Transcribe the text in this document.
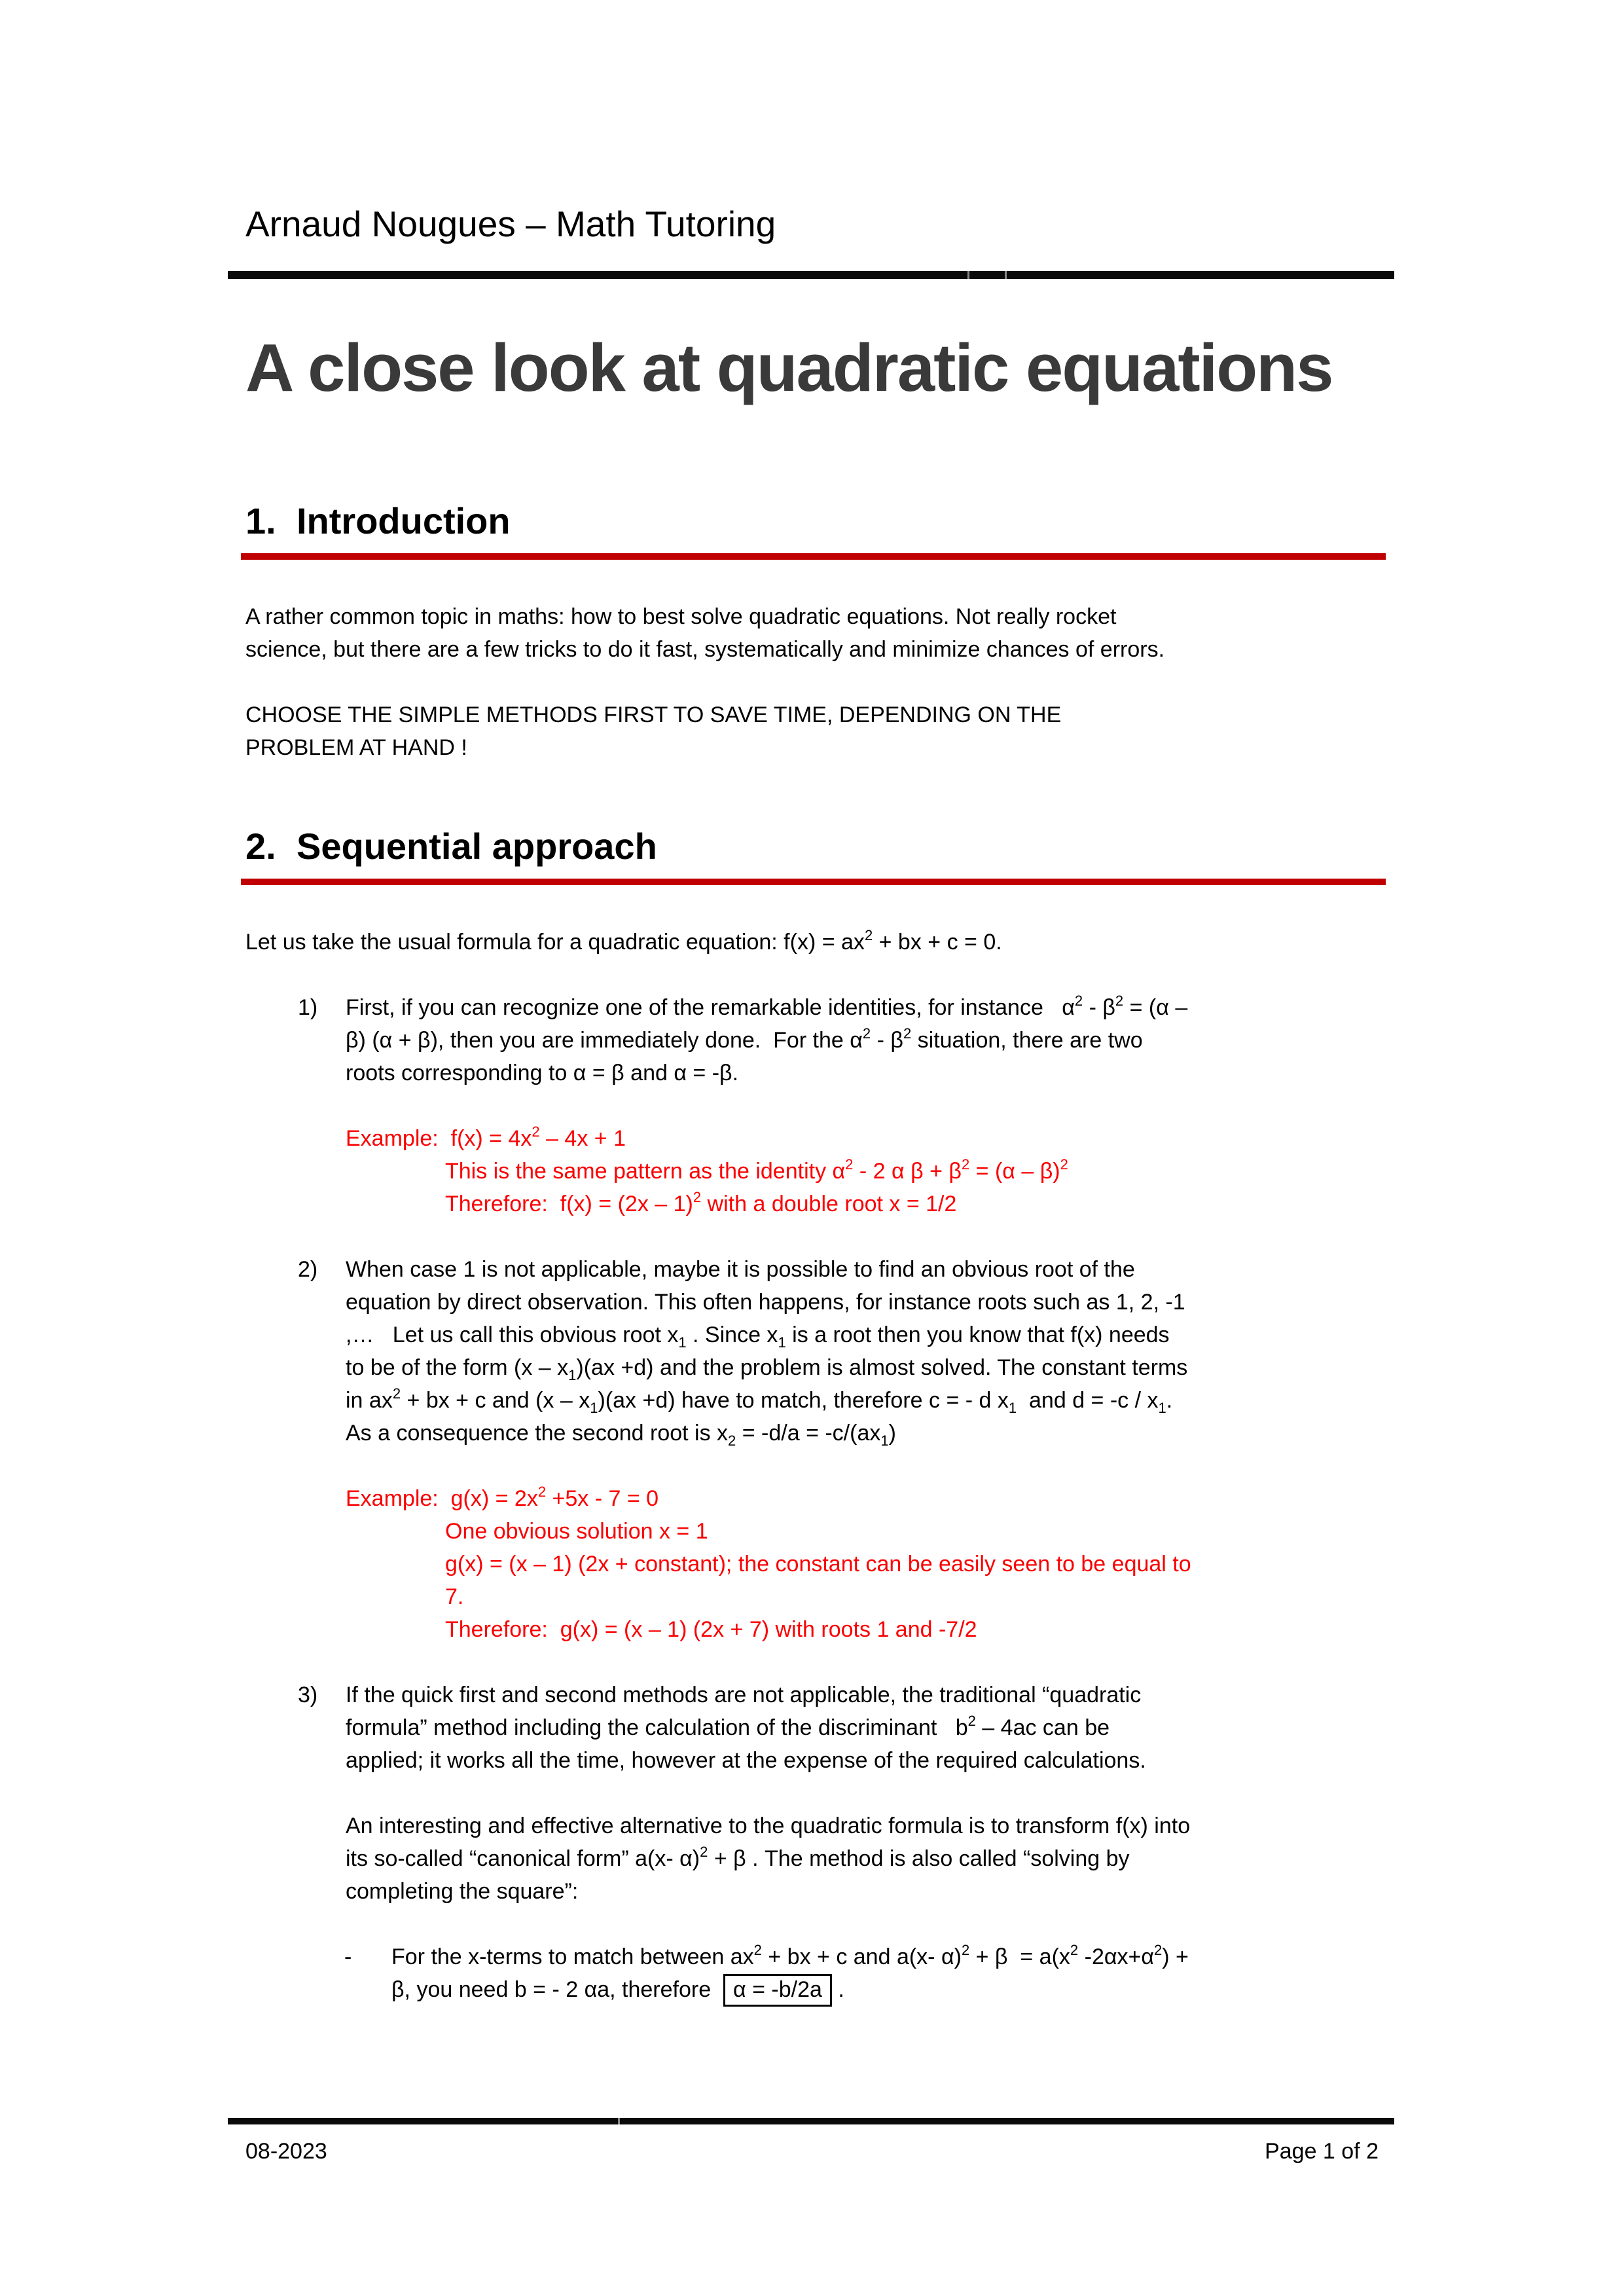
Arnaud Nougues – Math Tutoring
A close look at quadratic equations
1. Introduction
A rather common topic in maths: how to best solve quadratic equations. Not really rocket
science, but there are a few tricks to do it fast, systematically and minimize chances of errors.
CHOOSE THE SIMPLE METHODS FIRST TO SAVE TIME, DEPENDING ON THE
PROBLEM AT HAND !
2. Sequential approach
Let us take the usual formula for a quadratic equation: $f(x) = ax^2$ + bx + c = 0.
1) First, if you can recognize one of the remarkable identities, for instance   $\alpha^2 - \beta^2 = (\alpha$ –
β) (α + β), then you are immediately done.  For the $\alpha^2 - \beta^2$ situation, there are two
roots corresponding to α = β and α = -β.
Example:  $f(x) = 4x^2 - 4x + 1$
This is the same pattern as the identity $\alpha^2 - 2$ α $\beta + \beta^2 = (\alpha - \beta)^2$
Therefore:  f(x) = (2x – 1)$^2$ with a double root x = 1/2
2) When case 1 is not applicable, maybe it is possible to find an obvious root of the
equation by direct observation. This often happens, for instance roots such as 1, 2, -1
,…   Let us call this obvious root $x_1$ . Since $x_1$ is a root then you know that f(x) needs
to be of the form $(x - x_1)(ax +d)$ and the problem is almost solved. The constant terms
in $ax^2$ + bx + c and $(x - x_1)(ax +d)$ have to match, therefore c = - d $x_1$  and $d = -c / x_1$.
As a consequence the second root is $x_2 = -d/a = -c/(ax_1)$
Example:  $g(x) = 2x^2 +5x - 7 = 0$
One obvious solution x = 1
g(x) = (x – 1) (2x + constant); the constant can be easily seen to be equal to
7.
Therefore:  g(x) = (x – 1) (2x + 7) with roots 1 and -7/2
3) If the quick first and second methods are not applicable, the traditional “quadratic
formula” method including the calculation of the discriminant   $b^2 - 4ac$ can be
applied; it works all the time, however at the expense of the required calculations.
An interesting and effective alternative to the quadratic formula is to transform f(x) into
its so-called “canonical form” a(x- α)$^2$ + β . The method is also called “solving by
completing the square”:
- For the x-terms to match between $ax^2$ + bx + c and a(x- $\alpha)^2 + \beta = a(x^2$ $-2\alpha x+\alpha^2$) +
β, you need b = - 2 αa, therefore  α = -b/2a .
08-2023	Page 1 of 2
